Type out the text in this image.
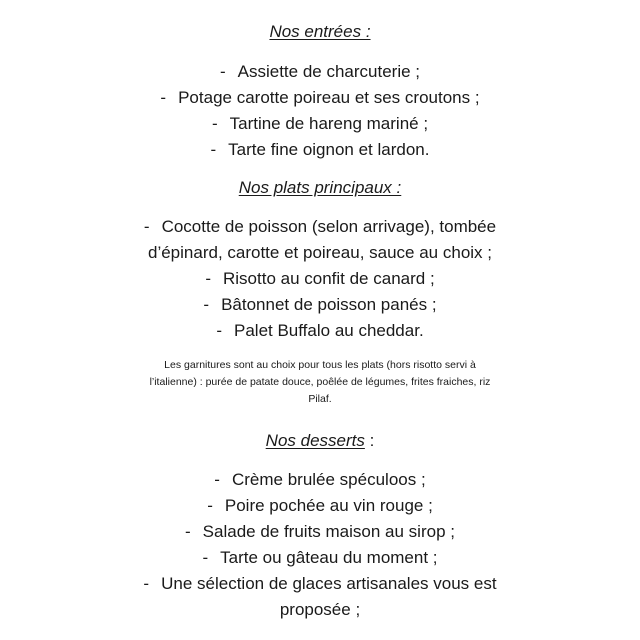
Nos entrées :
- Assiette de charcuterie ;
- Potage carotte poireau et ses croutons ;
- Tartine de hareng mariné ;
- Tarte fine oignon et lardon.
Nos plats principaux :
- Cocotte de poisson (selon arrivage), tombée
d’épinard, carotte et poireau, sauce au choix ;
- Risotto au confit de canard ;
- Bâtonnet de poisson panés ;
- Palet Buffalo au cheddar.
Les garnitures sont au choix pour tous les plats (hors risotto servi à
l’italienne) : purée de patate douce, poêlée de légumes, frites fraiches, riz
Pilaf.
Nos desserts :
- Crème brulée spéculoos ;
- Poire pochée au vin rouge ;
- Salade de fruits maison au sirop ;
- Tarte ou gâteau du moment ;
- Une sélection de glaces artisanales vous est
proposée ;
